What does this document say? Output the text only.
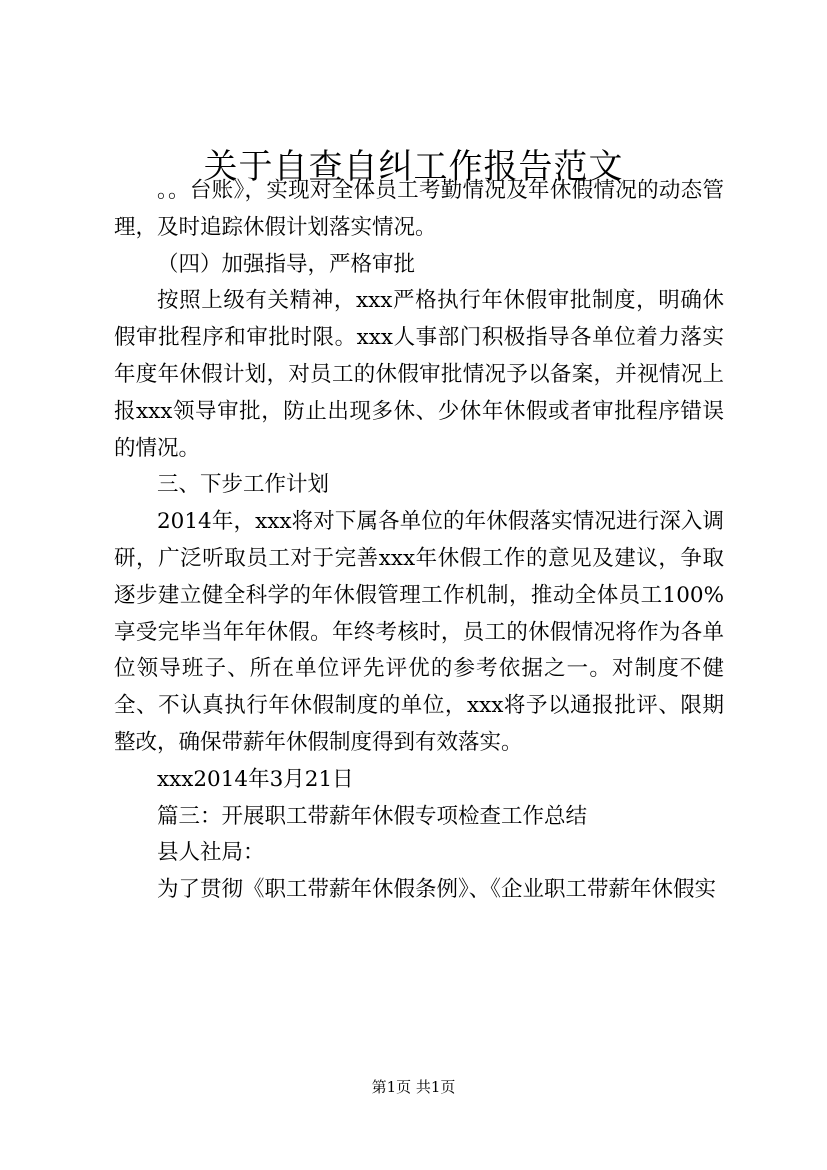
关于自查自纠工作报告范文

。。台账》，实现对全体员工考勤情况及年休假情况的动态管理，及时追踪休假计划落实情况。

（四）加强指导，严格审批

按照上级有关精神，xxx严格执行年休假审批制度，明确休假审批程序和审批时限。xxx人事部门积极指导各单位着力落实年度年休假计划，对员工的休假审批情况予以备案，并视情况上报xxx领导审批，防止出现多休、少休年休假或者审批程序错误的情况。

三、下步工作计划

2014年，xxx将对下属各单位的年休假落实情况进行深入调研，广泛听取员工对于完善xxx年休假工作的意见及建议，争取逐步建立健全科学的年休假管理工作机制，推动全体员工100%享受完毕当年年休假。年终考核时，员工的休假情况将作为各单位领导班子、所在单位评先评优的参考依据之一。对制度不健全、不认真执行年休假制度的单位，xxx将予以通报批评、限期整改，确保带薪年休假制度得到有效落实。

xxx2014年3月21日

篇三：开展职工带薪年休假专项检查工作总结

县人社局：

为了贯彻《职工带薪年休假条例》、《企业职工带薪年休假实

第1页 共1页
